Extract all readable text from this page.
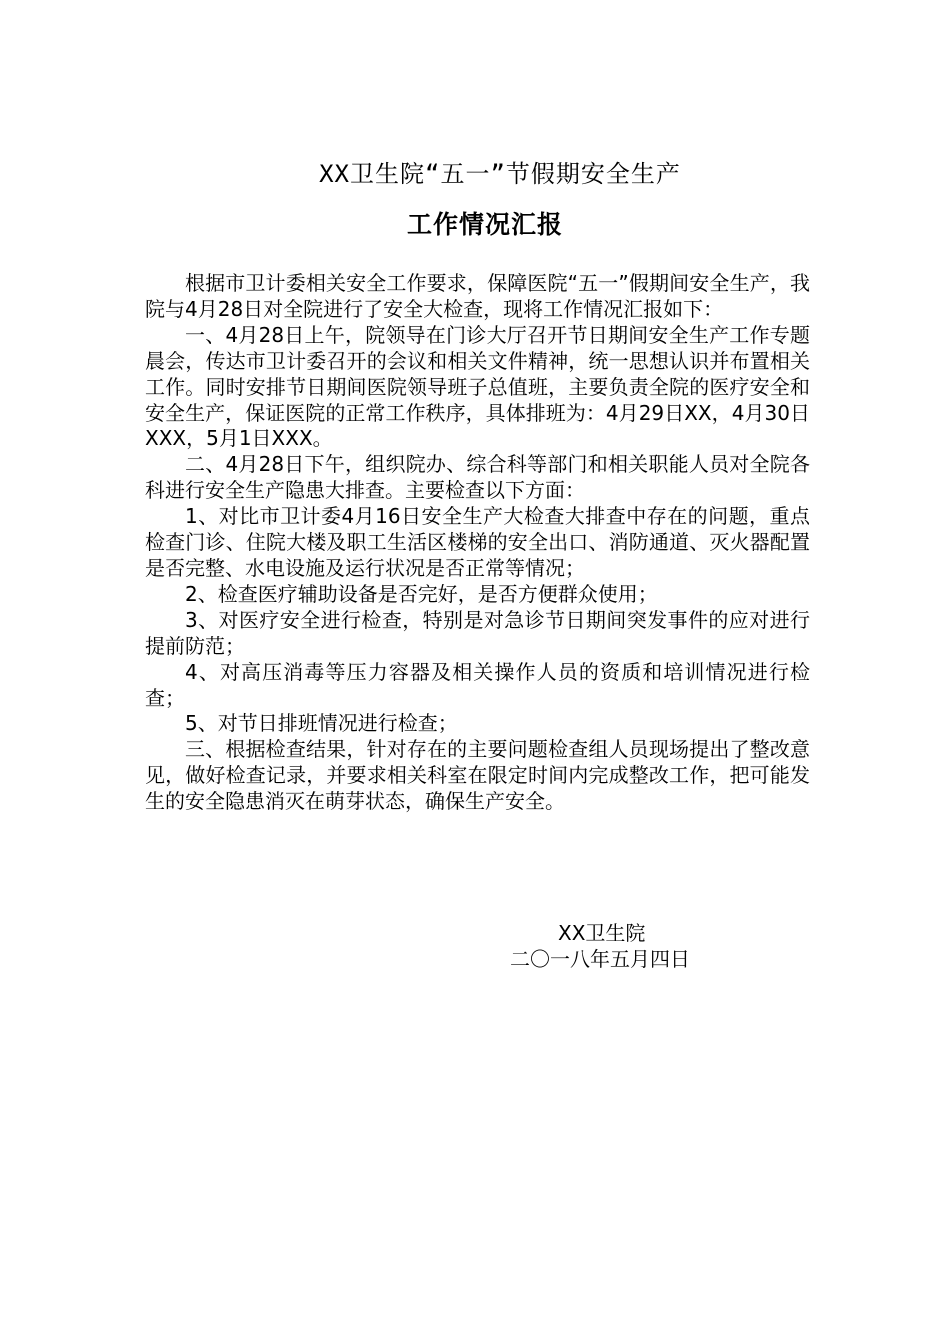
XX卫生院“五一”节假期安全生产
工作情况汇报

根据市卫计委相关安全工作要求，保障医院“五一”假期间安全生产，我院与4月28日对全院进行了安全大检查，现将工作情况汇报如下：

一、4月28日上午，院领导在门诊大厅召开节日期间安全生产工作专题晨会，传达市卫计委召开的会议和相关文件精神，统一思想认识并布置相关工作。同时安排节日期间医院领导班子总值班，主要负责全院的医疗安全和安全生产，保证医院的正常工作秩序，具体排班为：4月29日XX，4月30日XXX，5月1日XXX。

二、4月28日下午，组织院办、综合科等部门和相关职能人员对全院各科进行安全生产隐患大排查。主要检查以下方面：

1、对比市卫计委4月16日安全生产大检查大排查中存在的问题，重点检查门诊、住院大楼及职工生活区楼梯的安全出口、消防通道、灭火器配置是否完整、水电设施及运行状况是否正常等情况；

2、检查医疗辅助设备是否完好，是否方便群众使用；

3、对医疗安全进行检查，特别是对急诊节日期间突发事件的应对进行提前防范；

4、对高压消毒等压力容器及相关操作人员的资质和培训情况进行检查；

5、对节日排班情况进行检查；

三、根据检查结果，针对存在的主要问题检查组人员现场提出了整改意见，做好检查记录，并要求相关科室在限定时间内完成整改工作，把可能发生的安全隐患消灭在萌芽状态，确保生产安全。

XX卫生院
二〇一八年五月四日
